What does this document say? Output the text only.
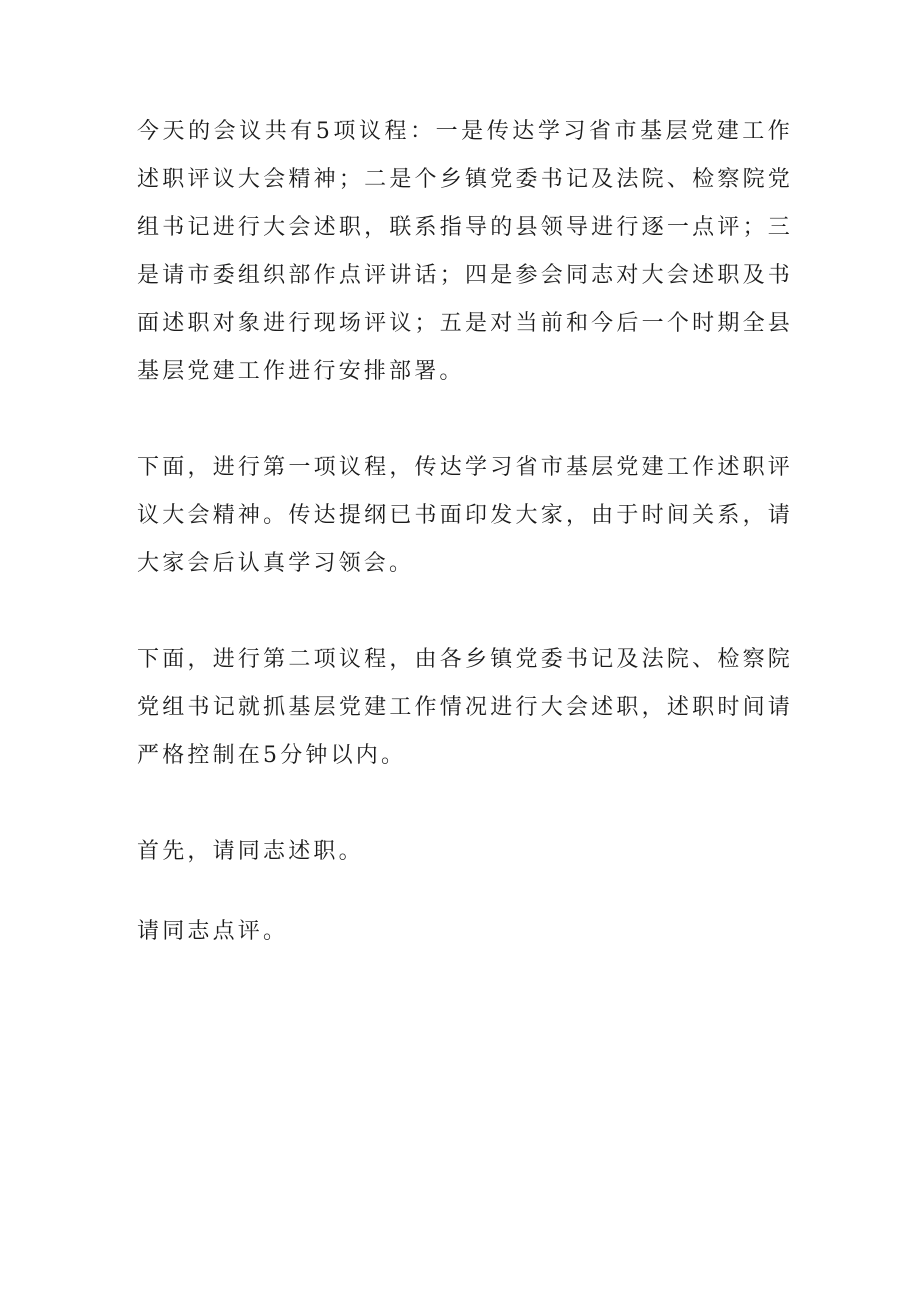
今天的会议共有5项议程：一是传达学习省市基层党建工作述职评议大会精神；二是个乡镇党委书记及法院、检察院党组书记进行大会述职，联系指导的县领导进行逐一点评；三是请市委组织部作点评讲话；四是参会同志对大会述职及书面述职对象进行现场评议；五是对当前和今后一个时期全县基层党建工作进行安排部署。

下面，进行第一项议程，传达学习省市基层党建工作述职评议大会精神。传达提纲已书面印发大家，由于时间关系，请大家会后认真学习领会。

下面，进行第二项议程，由各乡镇党委书记及法院、检察院党组书记就抓基层党建工作情况进行大会述职，述职时间请严格控制在5分钟以内。

首先，请同志述职。

请同志点评。
